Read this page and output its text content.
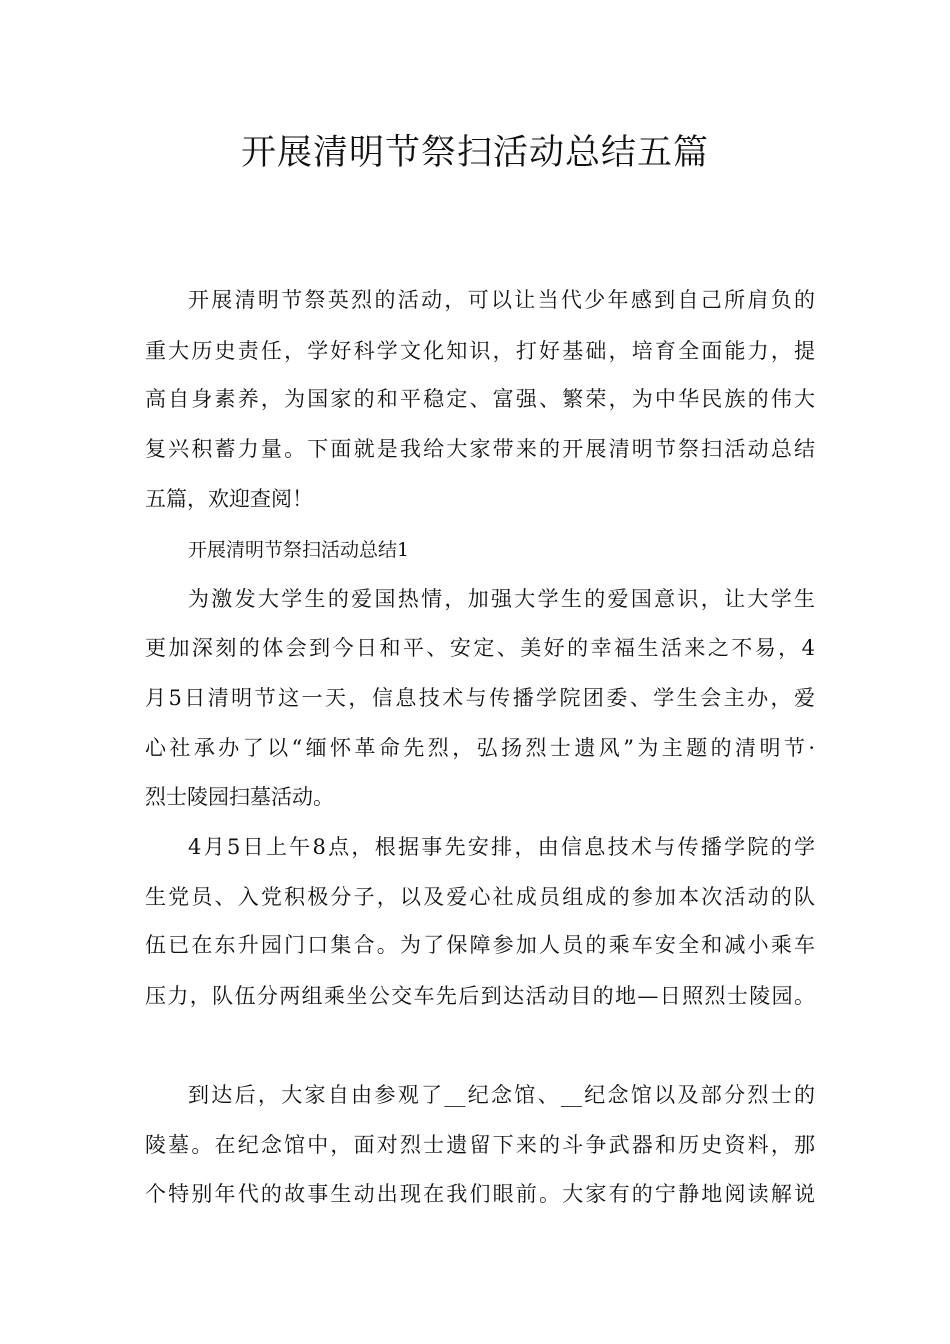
开展清明节祭扫活动总结五篇

开展清明节祭英烈的活动，可以让当代少年感到自己所肩负的

重大历史责任，学好科学文化知识，打好基础，培育全面能力，提

高自身素养，为国家的和平稳定、富强、繁荣，为中华民族的伟大

复兴积蓄力量。下面就是我给大家带来的开展清明节祭扫活动总结

五篇，欢迎查阅！

开展清明节祭扫活动总结1

为激发大学生的爱国热情，加强大学生的爱国意识，让大学生

更加深刻的体会到今日和平、安定、美好的幸福生活来之不易，4

月5日清明节这一天，信息技术与传播学院团委、学生会主办，爱

心社承办了以“缅怀革命先烈，弘扬烈士遗风”为主题的清明节·

烈士陵园扫墓活动。

4月5日上午8点，根据事先安排，由信息技术与传播学院的学

生党员、入党积极分子，以及爱心社成员组成的参加本次活动的队

伍已在东升园门口集合。为了保障参加人员的乘车安全和减小乘车

压力，队伍分两组乘坐公交车先后到达活动目的地—日照烈士陵园。

到达后，大家自由参观了__纪念馆、__纪念馆以及部分烈士的

陵墓。在纪念馆中，面对烈士遗留下来的斗争武器和历史资料，那

个特别年代的故事生动出现在我们眼前。大家有的宁静地阅读解说
